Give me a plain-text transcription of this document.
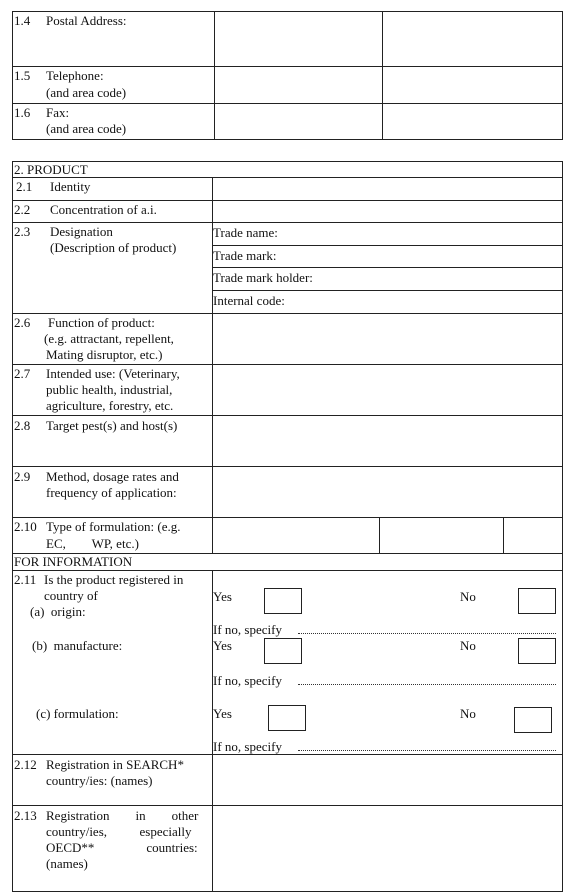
1.4 Postal Address:
1.5 Telephone:
(and area code)
1.6 Fax:
(and area code)
2. PRODUCT
2.1 Identity
2.2 Concentration of a.i.
2.3 Designation
(Description of product)
Trade name:
Trade mark:
Trade mark holder:
Internal code:
2.6 Function of product:
(e.g. attractant, repellent,
Mating disruptor, etc.)
2.7 Intended use: (Veterinary,
public health, industrial,
agriculture, forestry, etc.
2.8 Target pest(s) and host(s)
2.9 Method, dosage rates and
frequency of application:
2.10 Type of formulation: (e.g.
EC,        WP, etc.)
FOR INFORMATION
2.11 Is the product registered in
country of
(a)  origin:
Yes	No
If no, specify
(b)  manufacture:	Yes	No
If no, specify
(c) formulation:	Yes	No
If no, specify
2.12 Registration in SEARCH*
country/ies: (names)
2.13 Registration        in        other
country/ies,          especially
OECD**                countries:
(names)
